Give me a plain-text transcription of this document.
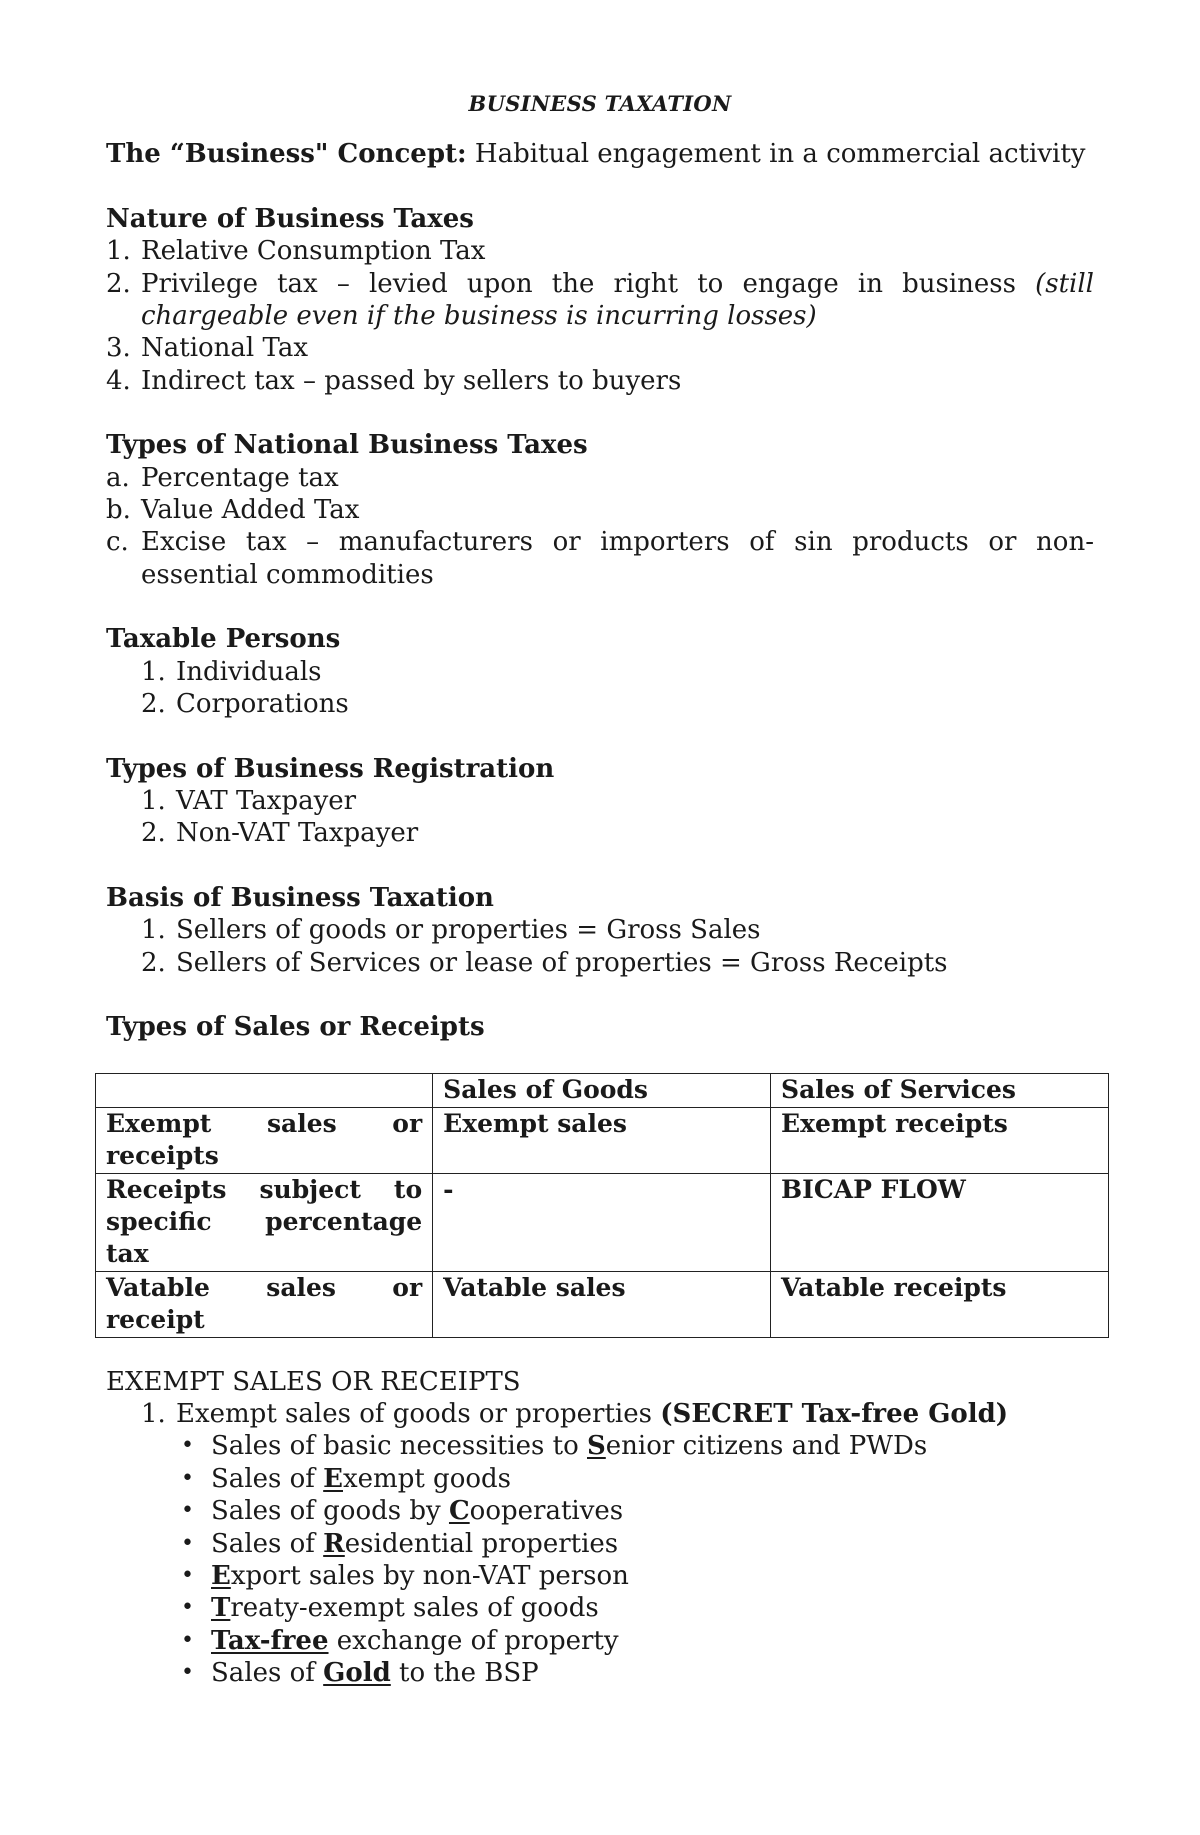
BUSINESS TAXATION

The “Business" Concept: Habitual engagement in a commercial activity

Nature of Business Taxes

1. Relative Consumption Tax
2. Privilege tax – levied upon the right to engage in business (still chargeable even if the business is incurring losses)
3. National Tax
4. Indirect tax – passed by sellers to buyers

Types of National Business Taxes

a. Percentage tax
b. Value Added Tax
c. Excise tax – manufacturers or importers of sin products or non-essential commodities

Taxable Persons

1. Individuals
2. Corporations

Types of Business Registration

1. VAT Taxpayer
2. Non-VAT Taxpayer

Basis of Business Taxation

1. Sellers of goods or properties = Gross Sales
2. Sellers of Services or lease of properties = Gross Receipts

Types of Sales or Receipts

	Sales of Goods	Sales of Services
Exempt sales or receipts	Exempt sales	Exempt receipts
Receipts subject to specific percentage tax	-	BICAP FLOW
Vatable sales or receipt	Vatable sales	Vatable receipts

EXEMPT SALES OR RECEIPTS

1. Exempt sales of goods or properties (SECRET Tax-free Gold)
• Sales of basic necessities to Senior citizens and PWDs
• Sales of Exempt goods
• Sales of goods by Cooperatives
• Sales of Residential properties
• Export sales by non-VAT person
• Treaty-exempt sales of goods
• Tax-free exchange of property
• Sales of Gold to the BSP
